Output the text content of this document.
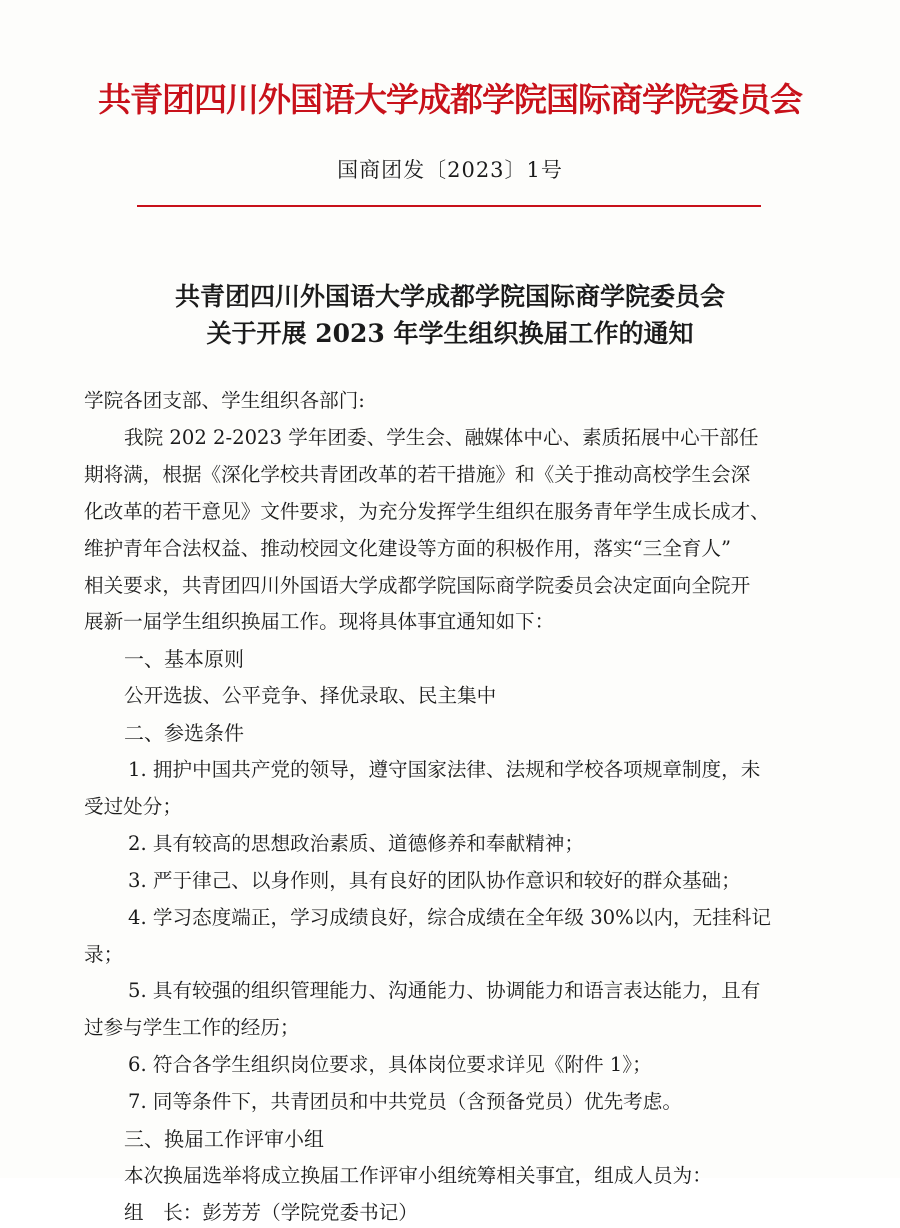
共青团四川外国语大学成都学院国际商学院委员会
国商团发〔2023〕1号
共青团四川外国语大学成都学院国际商学院委员会
关于开展 2023 年学生组织换届工作的通知
学院各团支部、学生组织各部门:
我院 202 2-2023 学年团委、学生会、融媒体中心、素质拓展中心干部任
期将满，根据《深化学校共青团改革的若干措施》和《关于推动高校学生会深
化改革的若干意见》文件要求，为充分发挥学生组织在服务青年学生成长成才、
维护青年合法权益、推动校园文化建设等方面的积极作用，落实“三全育人”
相关要求，共青团四川外国语大学成都学院国际商学院委员会决定面向全院开
展新一届学生组织换届工作。现将具体事宜通知如下：
一、基本原则
公开选拔、公平竞争、择优录取、民主集中
二、参选条件
1. 拥护中国共产党的领导，遵守国家法律、法规和学校各项规章制度，未
受过处分；
2. 具有较高的思想政治素质、道德修养和奉献精神；
3. 严于律己、以身作则，具有良好的团队协作意识和较好的群众基础；
4. 学习态度端正，学习成绩良好，综合成绩在全年级 30%以内，无挂科记
录；
5. 具有较强的组织管理能力、沟通能力、协调能力和语言表达能力，且有
过参与学生工作的经历；
6. 符合各学生组织岗位要求，具体岗位要求详见《附件 1》；
7. 同等条件下，共青团员和中共党员（含预备党员）优先考虑。
三、换届工作评审小组
本次换届选举将成立换届工作评审小组统筹相关事宜，组成人员为：
组　长：彭芳芳（学院党委书记）
